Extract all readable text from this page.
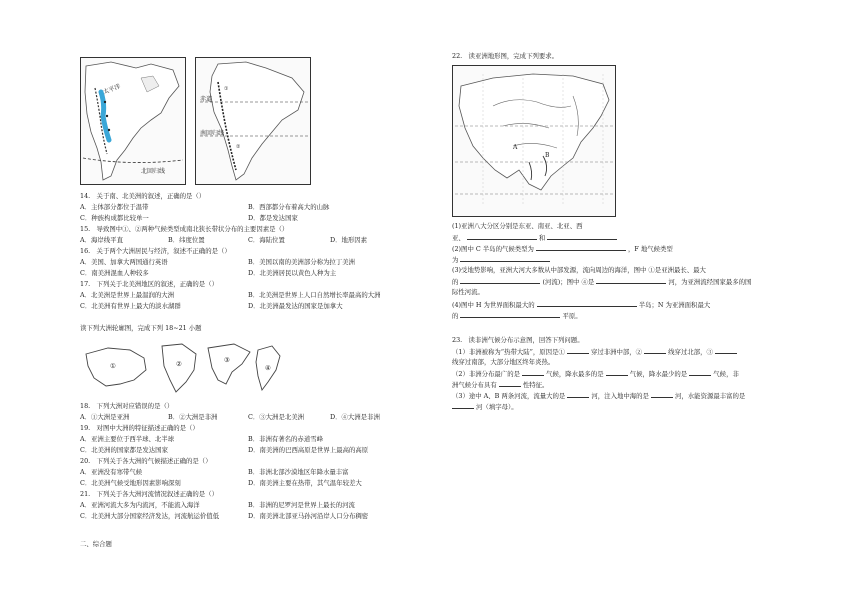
太平洋
北回归线
①
②
赤道
南回归线
14.　关于南、北美洲的叙述，正确的是（）
A．主体部分都位于温带	B．西部都分布着高大的山脉
C．种族构成都比较单一	D．都是发达国家
15.　导致图中①、②两种气候类型成南北狭长带状分布的主要因素是（）
A．海岸线平直	B．纬度位置	C．海陆位置	D．地形因素
16.　关于两个大洲居民与经济，叙述不正确的是（）
A．美国、加拿大两国通行英语	B．美国以南的美洲部分称为拉丁美洲
C．南美洲混血人种较多	D．北美洲居民以黄色人种为主
17.　下列关于北美洲地区的叙述，正确的是（）
A．北美洲是世界上最温润的大洲	B．北美洲是世界上人口自然增长率最高的大洲
C．北美洲有世界上最大的淡水湖群	D．北美洲最发达的国家是加拿大
读下列大洲轮廓图，完成下列 18~21 小题
①	②	③
④
18.　下列大洲对应错误的是（）
A．①大洲是亚洲	B．②大洲是非洲	C．③大洲是北美洲	D．④大洲是非洲
19.　对图中大洲的特征描述正确的是（）
A．亚洲主要位于西半球、北半球	B．非洲有著名的赤道雪峰
C．北美洲的国家都是发达国家	D．南美洲的巴西高原是世界上最高的高原
20.　下列关于各大洲的气候描述正确的是（）
A．亚洲没有寒带气候	B．非洲北部沙漠地区年降水量丰富
C．北美洲气候受地形因素影响深刻	D．南美洲主要在热带，其气温年较差大
21.　下列关于各大洲河流情况叙述正确的是（）
A．亚洲河流大多为内流河，不能流入海洋	B．非洲的尼罗河是世界上最长的河流
C．北美洲大部分国家经济发达，河流航运价值低	D．南美洲北部亚马孙河沿岸人口分布稠密
二、综合题
22.　读亚洲地形图，完成下列要求。
A
B
(1)亚洲八大分区分别是东亚、南亚、北亚、西
亚、	和
(2)图中 C 半岛的气候类型为	，F 地气候类型
为
(3)受地势影响，亚洲大河大多数从中部发源，流向周边的海洋，图中 ①是亚洲最长、最大
的	(河流)；图中 ④是	河，为亚洲流经国家最多的国
际性河流。
(4)图中 H 为世界面积最大的	半岛；N 为亚洲面积最大
的	平原。
23.　读非洲气候分布示意图，回答下列问题。
（1）非洲被称为“热带大陆”，原因是①	穿过非洲中部，②	线穿过北部，③
线穿过南部，大部分地区终年炎热。
（2）非洲分布最广的是	气候，降水最多的是	气候，降水最少的是	气候，非
洲气候分布具有	性特征。
（3）途中 A、B 两条河流，流量大的是	河，注入地中海的是	河，水能资源最丰富的是
河（填字母）。
